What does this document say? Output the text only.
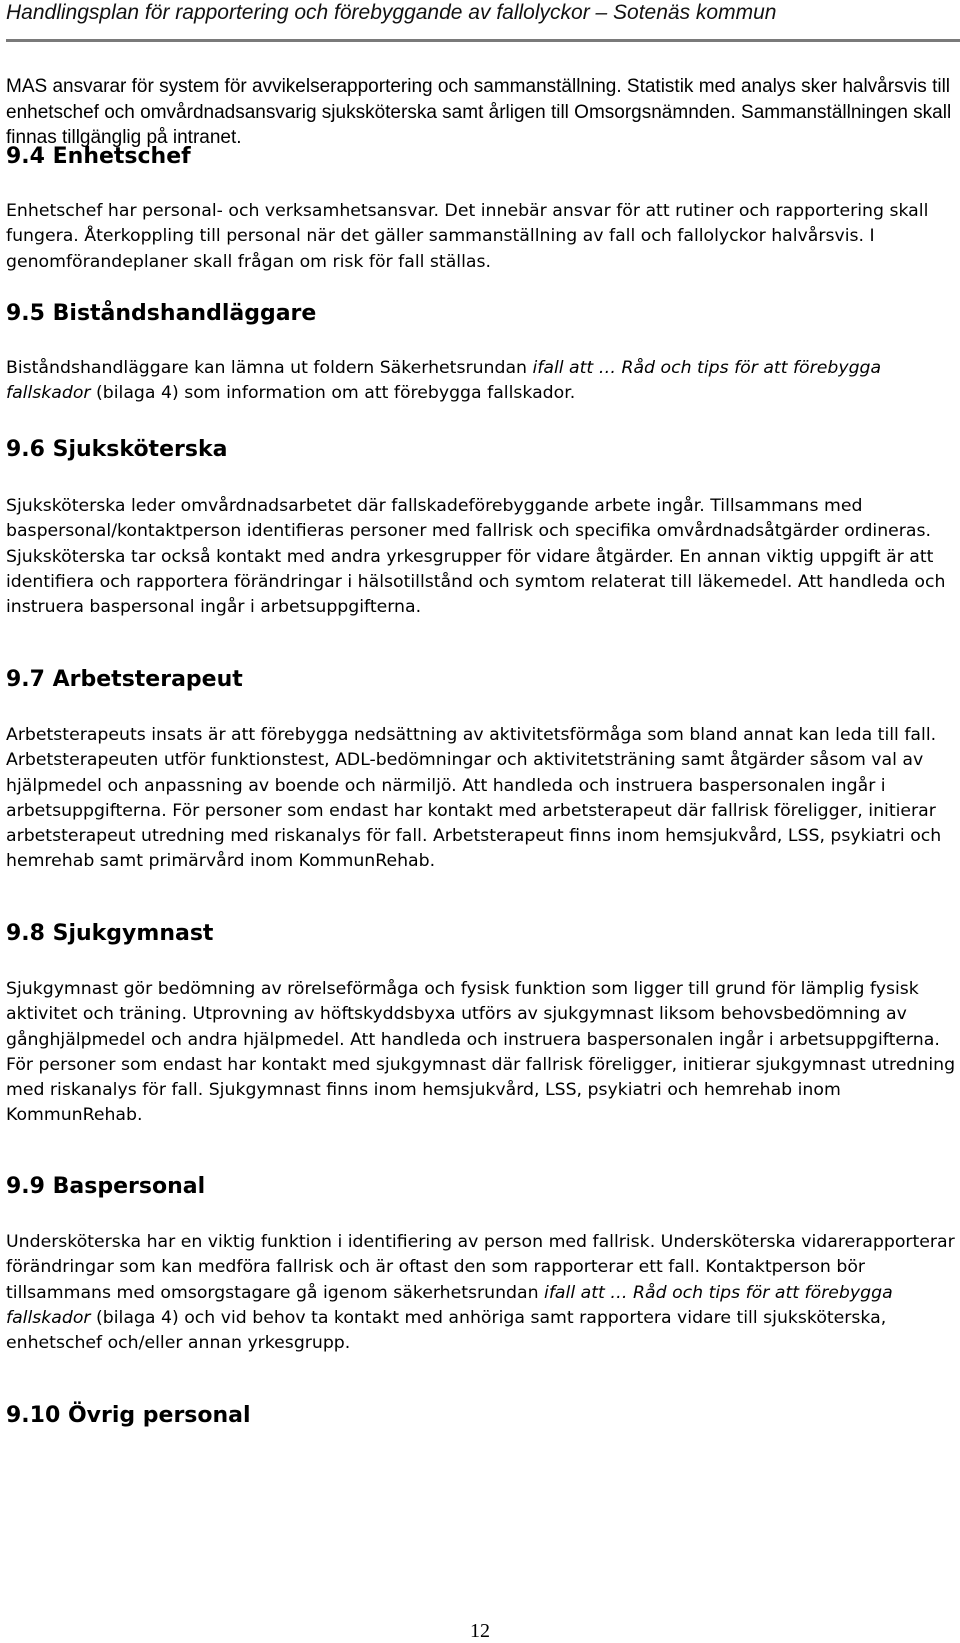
Handlingsplan för rapportering och förebyggande av fallolyckor – Sotenäs kommun

MAS ansvarar för system för avvikelserapportering och sammanställning. Statistik med analys sker halvårsvis till enhetschef och omvårdnadsansvarig sjuksköterska samt årligen till Omsorgsnämnden. Sammanställningen skall finnas tillgänglig på intranet.

9.4 Enhetschef

Enhetschef har personal- och verksamhetsansvar. Det innebär ansvar för att rutiner och rapportering skall fungera. Återkoppling till personal när det gäller sammanställning av fall och fallolyckor halvårsvis. I genomförandeplaner skall frågan om risk för fall ställas.

9.5 Biståndshandläggare

Biståndshandläggare kan lämna ut foldern Säkerhetsrundan ifall att … Råd och tips för att förebygga fallskador (bilaga 4) som information om att förebygga fallskador.

9.6 Sjuksköterska

Sjuksköterska leder omvårdnadsarbetet där fallskadeförebyggande arbete ingår. Tillsammans med baspersonal/kontaktperson identifieras personer med fallrisk och specifika omvårdnadsåtgärder ordineras. Sjuksköterska tar också kontakt med andra yrkesgrupper för vidare åtgärder. En annan viktig uppgift är att identifiera och rapportera förändringar i hälsotillstånd och symtom relaterat till läkemedel. Att handleda och instruera baspersonal ingår i arbetsuppgifterna.

9.7 Arbetsterapeut

Arbetsterapeuts insats är att förebygga nedsättning av aktivitetsförmåga som bland annat kan leda till fall. Arbetsterapeuten utför funktionstest, ADL-bedömningar och aktivitetsträning samt åtgärder såsom val av hjälpmedel och anpassning av boende och närmiljö. Att handleda och instruera baspersonalen ingår i arbetsuppgifterna. För personer som endast har kontakt med arbetsterapeut där fallrisk föreligger, initierar arbetsterapeut utredning med riskanalys för fall. Arbetsterapeut finns inom hemsjukvård, LSS, psykiatri och hemrehab samt primärvård inom KommunRehab.

9.8 Sjukgymnast

Sjukgymnast gör bedömning av rörelseförmåga och fysisk funktion som ligger till grund för lämplig fysisk aktivitet och träning. Utprovning av höftskyddsbyxa utförs av sjukgymnast liksom behovsbedömning av gånghjälpmedel och andra hjälpmedel. Att handleda och instruera baspersonalen ingår i arbetsuppgifterna. För personer som endast har kontakt med sjukgymnast där fallrisk föreligger, initierar sjukgymnast utredning med riskanalys för fall. Sjukgymnast finns inom hemsjukvård, LSS, psykiatri och hemrehab inom KommunRehab.

9.9 Baspersonal

Undersköterska har en viktig funktion i identifiering av person med fallrisk. Undersköterska vidarerapporterar förändringar som kan medföra fallrisk och är oftast den som rapporterar ett fall. Kontaktperson bör tillsammans med omsorgstagare gå igenom säkerhetsrundan ifall att … Råd och tips för att förebygga fallskador (bilaga 4) och vid behov ta kontakt med anhöriga samt rapportera vidare till sjuksköterska, enhetschef och/eller annan yrkesgrupp.

9.10 Övrig personal
12
